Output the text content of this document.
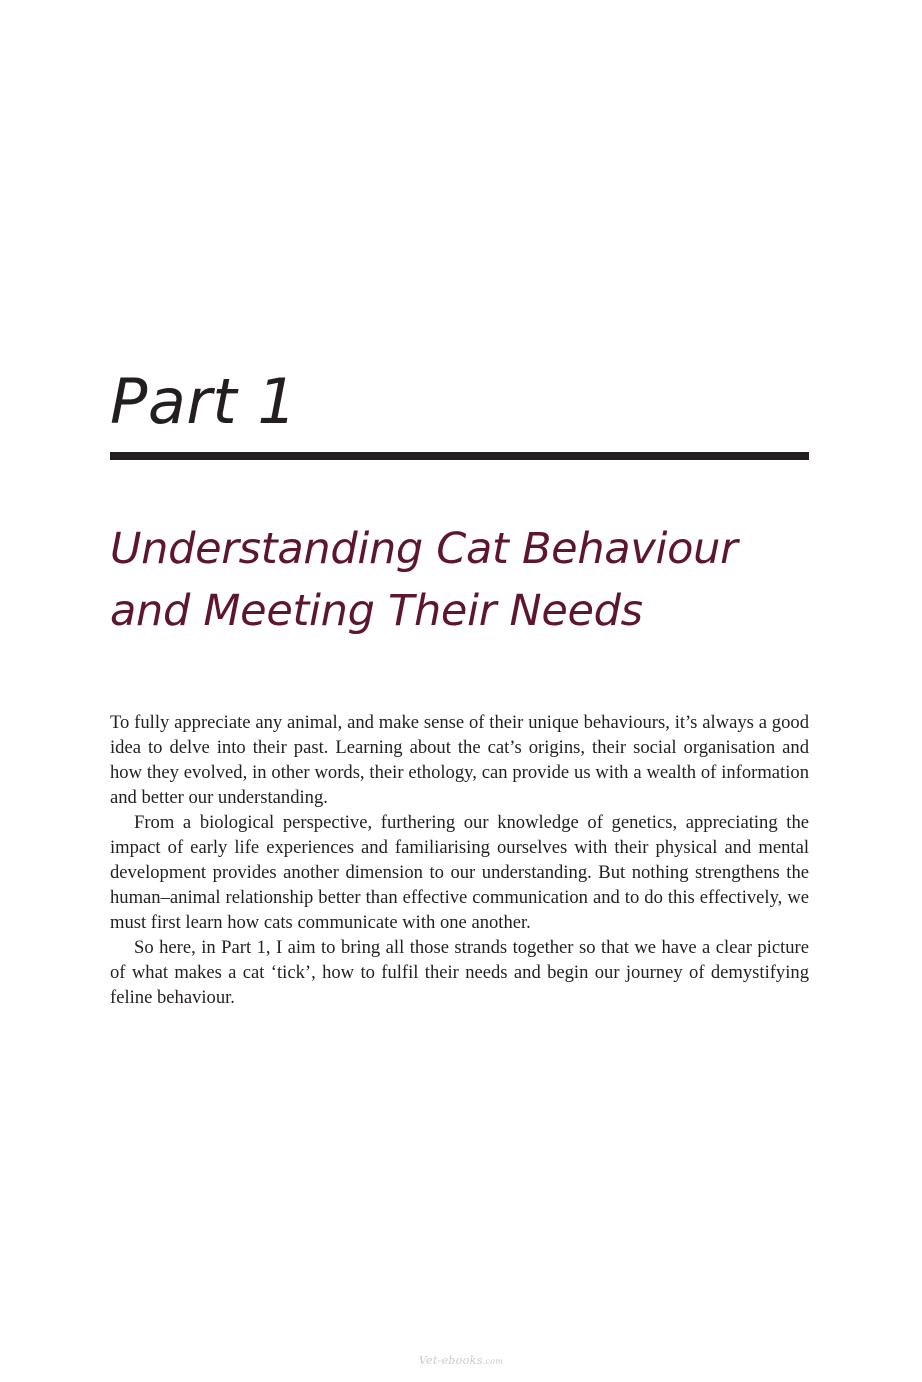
Part 1
Understanding Cat Behaviour
and Meeting Their Needs

To fully appreciate any animal, and make sense of their unique behaviours, it’s always a good idea to delve into their past. Learning about the cat’s origins, their social organisation and how they evolved, in other words, their ethology, can provide us with a wealth of information and better our understanding.

From a biological perspective, furthering our knowledge of genetics, appreciating the impact of early life experiences and familiarising ourselves with their physical and mental development provides another dimension to our understanding. But nothing strengthens the human–animal relationship better than effective communication and to do this effectively, we must first learn how cats communicate with one another.

So here, in Part 1, I aim to bring all those strands together so that we have a clear picture of what makes a cat ‘tick’, how to fulfil their needs and begin our journey of demystifying feline behaviour.

Vet-ebooks.com
